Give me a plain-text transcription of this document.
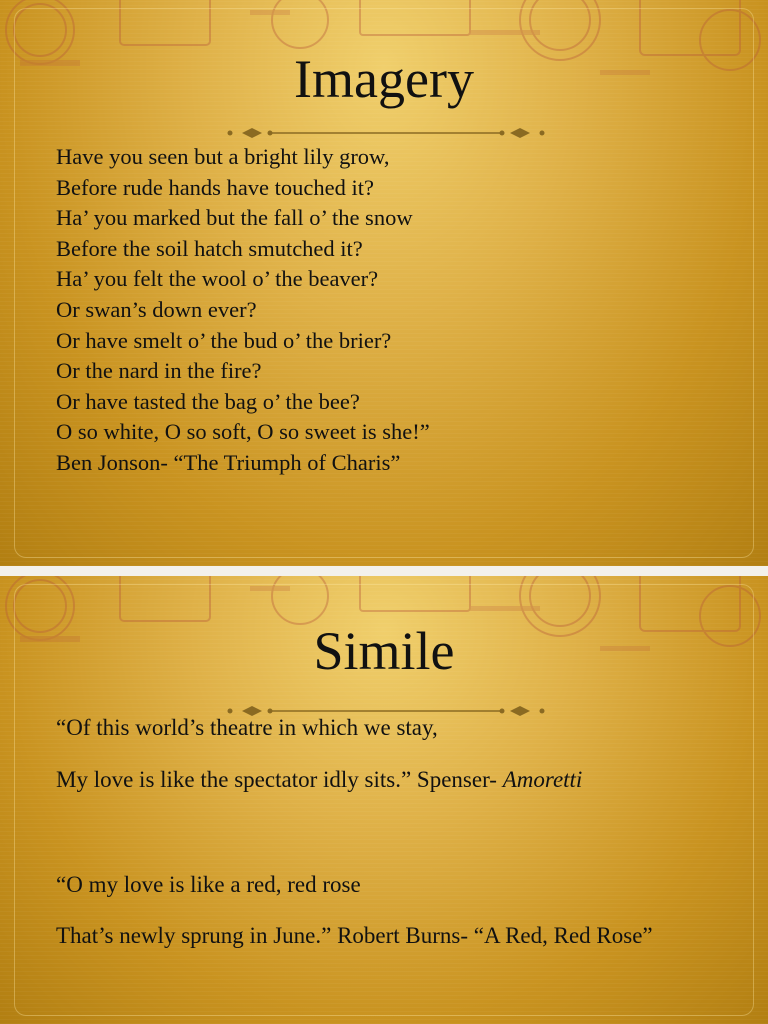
Imagery
Have you seen but a bright lily grow,
Before rude hands have touched it?
Ha’ you marked but the fall o’ the snow
Before the soil hatch smutched it?
Ha’ you felt the wool o’ the beaver?
Or swan’s down ever?
Or have smelt o’ the bud o’ the brier?
Or the nard in the fire?
Or have tasted the bag o’ the bee?
O so white, O so soft, O so sweet is she!”
Ben Jonson- “The Triumph of Charis”
Simile

“Of this world’s theatre in which we stay,

My love is like the spectator idly sits.” Spenser- Amoretti

“O my love is like a red, red rose

That’s newly sprung in June.” Robert Burns- “A Red, Red Rose”
